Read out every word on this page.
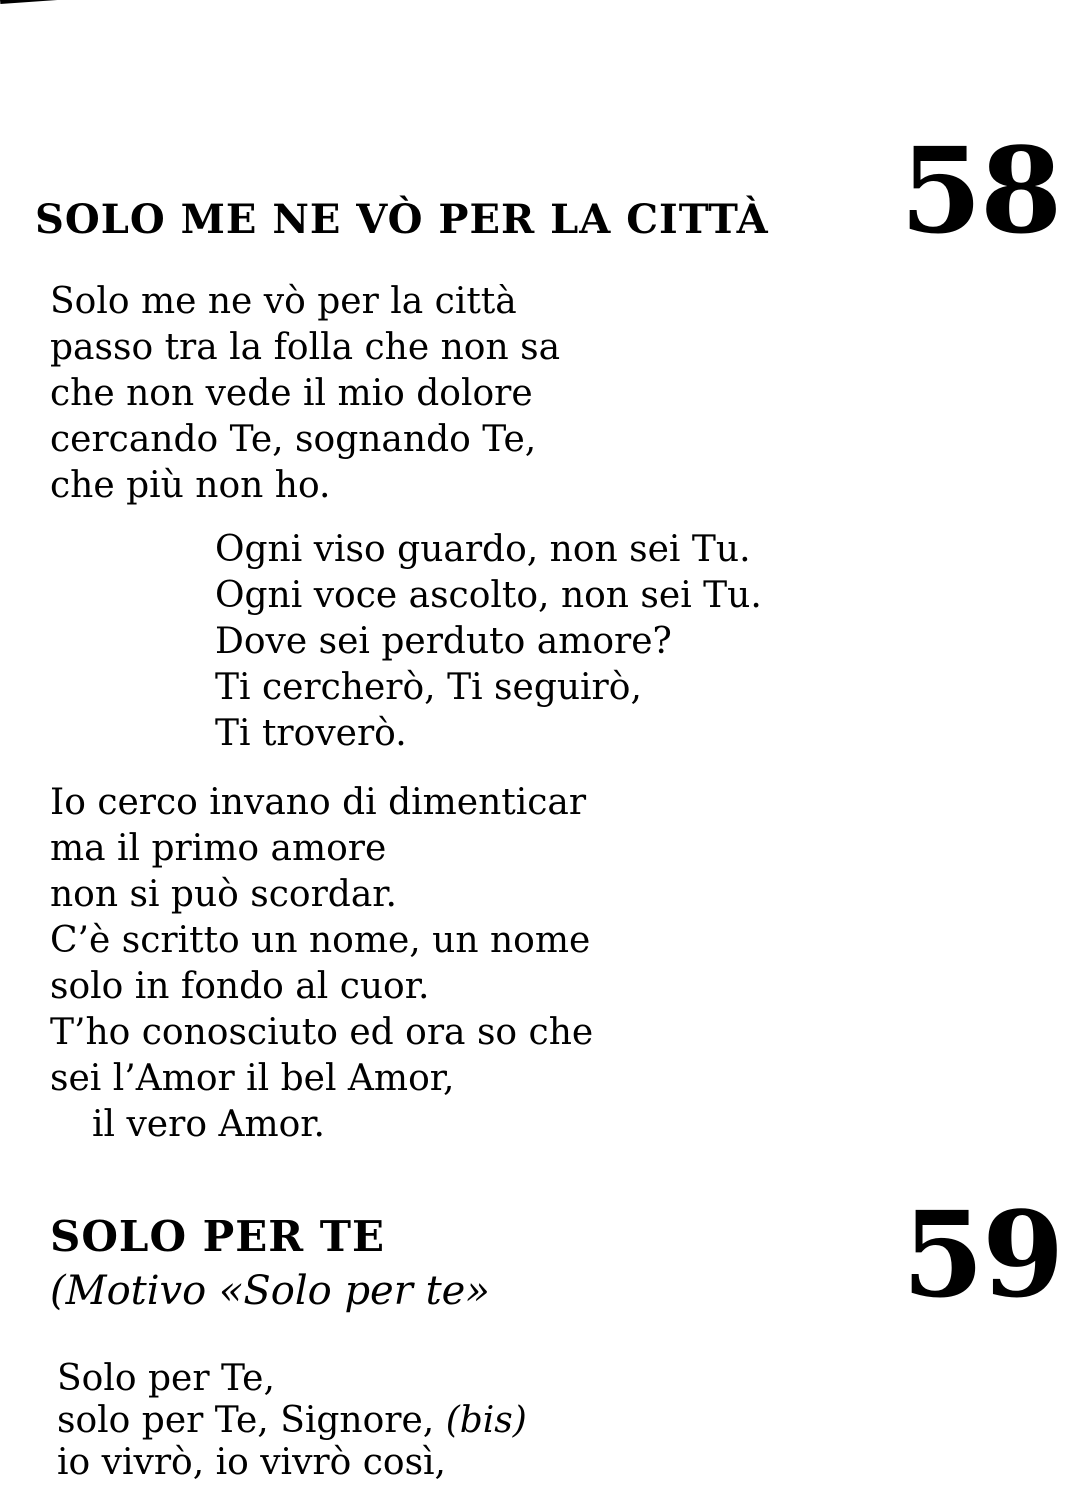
SOLO ME NE VÒ PER LA CITTÀ 58
Solo me ne vò per la città
passo tra la folla che non sa
che non vede il mio dolore
cercando Te, sognando Te,
che più non ho.
Ogni viso guardo, non sei Tu.
Ogni voce ascolto, non sei Tu.
Dove sei perduto amore?
Ti cercherò, Ti seguirò,
Ti troverò.
Io cerco invano di dimenticar
ma il primo amore
non si può scordar.
C’è scritto un nome, un nome
solo in fondo al cuor.
T’ho conosciuto ed ora so che
sei l’Amor il bel Amor,
il vero Amor.
SOLO PER TE
(Motivo «Solo per te»	59
Solo per Te,
solo per Te, Signore, (bis)
io vivrò, io vivrò così,
